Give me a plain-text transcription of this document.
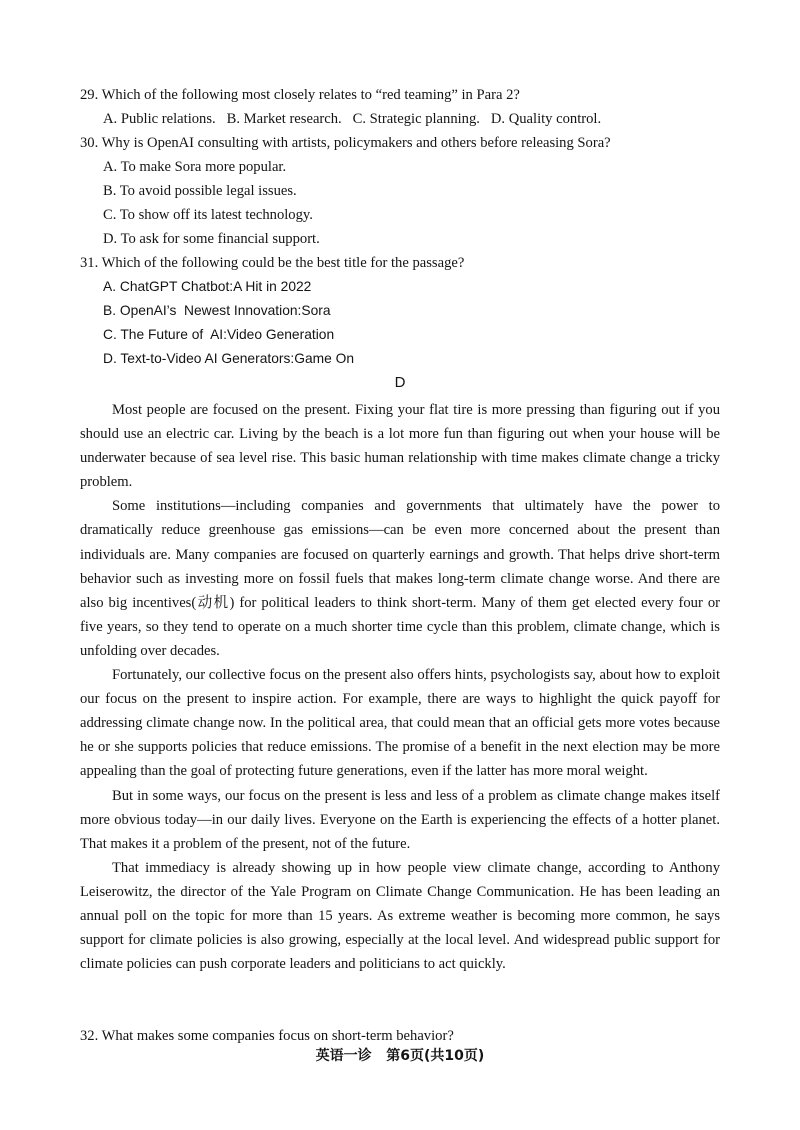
29. Which of the following most closely relates to “red teaming” in Para 2?
A. Public relations.   B. Market research.   C. Strategic planning.   D. Quality control.
30. Why is OpenAI consulting with artists, policymakers and others before releasing Sora?
A. To make Sora more popular.
B. To avoid possible legal issues.
C. To show off its latest technology.
D. To ask for some financial support.
31. Which of the following could be the best title for the passage?
A. ChatGPT Chatbot:A Hit in 2022
B. OpenAI’s  Newest Innovation:Sora
C. The Future of  AI:Video Generation
D. Text-to-Video AI Generators:Game On
D

Most people are focused on the present. Fixing your flat tire is more pressing than figuring out if you should use an electric car. Living by the beach is a lot more fun than figuring out when your house will be underwater because of sea level rise. This basic human relationship with time makes climate change a tricky problem.

Some institutions—including companies and governments that ultimately have the power to dramatically reduce greenhouse gas emissions—can be even more concerned about the present than individuals are. Many companies are focused on quarterly earnings and growth. That helps drive short-term behavior such as investing more on fossil fuels that makes long-term climate change worse. And there are also big incentives(动机) for political leaders to think short-term. Many of them get elected every four or five years, so they tend to operate on a much shorter time cycle than this problem, climate change, which is unfolding over decades.

Fortunately, our collective focus on the present also offers hints, psychologists say, about how to exploit our focus on the present to inspire action. For example, there are ways to highlight the quick payoff for addressing climate change now. In the political area, that could mean that an official gets more votes because he or she supports policies that reduce emissions. The promise of a benefit in the next election may be more appealing than the goal of protecting future generations, even if the latter has more moral weight.

But in some ways, our focus on the present is less and less of a problem as climate change makes itself more obvious today—in our daily lives. Everyone on the Earth is experiencing the effects of a hotter planet. That makes it a problem of the present, not of the future.

That immediacy is already showing up in how people view climate change, according to Anthony Leiserowitz, the director of the Yale Program on Climate Change Communication. He has been leading an annual poll on the topic for more than 15 years. As extreme weather is becoming more common, he says support for climate policies is also growing, especially at the local level. And widespread public support for climate policies can push corporate leaders and politicians to act quickly.

32. What makes some companies focus on short-term behavior?
英语一诊   第6页(共10页)
